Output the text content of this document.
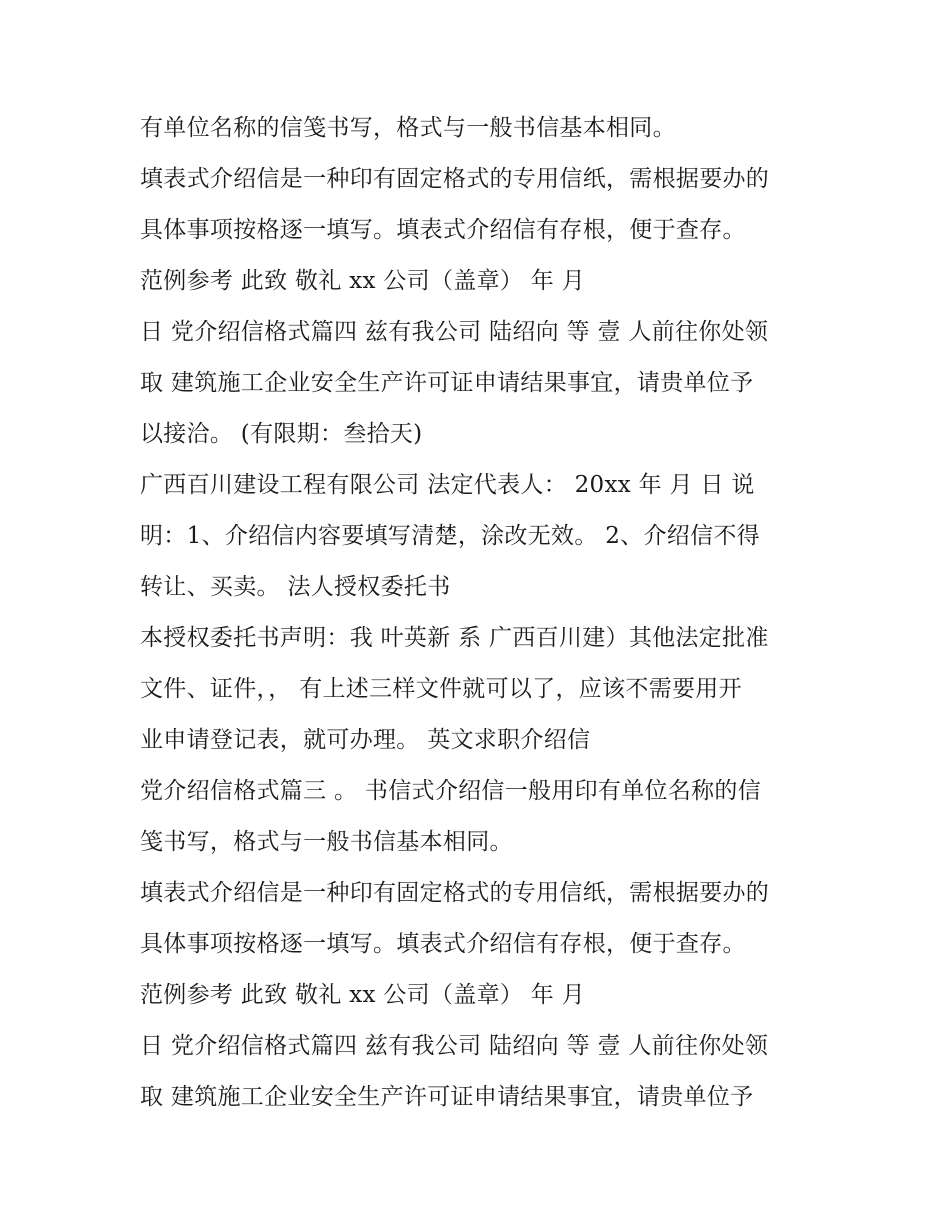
有单位名称的信笺书写，格式与一般书信基本相同。
填表式介绍信是一种印有固定格式的专用信纸，需根据要办的
具体事项按格逐一填写。填表式介绍信有存根，便于查存。
范例参考 此致 敬礼 xx 公司（盖章） 年 月
日 党介绍信格式篇四 兹有我公司 陆绍向 等 壹 人前往你处领
取 建筑施工企业安全生产许可证申请结果事宜，请贵单位予
以接洽。 (有限期：叁拾天)
广西百川建设工程有限公司 法定代表人： 20xx 年 月 日 说
明：1、介绍信内容要填写清楚，涂改无效。 2、介绍信不得
转让、买卖。 法人授权委托书
本授权委托书声明：我 叶英新 系 广西百川建）其他法定批准
文件、证件，， 有上述三样文件就可以了，应该不需要用开
业申请登记表，就可办理。 英文求职介绍信
党介绍信格式篇三 。 书信式介绍信一般用印有单位名称的信
笺书写，格式与一般书信基本相同。
填表式介绍信是一种印有固定格式的专用信纸，需根据要办的
具体事项按格逐一填写。填表式介绍信有存根，便于查存。
范例参考 此致 敬礼 xx 公司（盖章） 年 月
日 党介绍信格式篇四 兹有我公司 陆绍向 等 壹 人前往你处领
取 建筑施工企业安全生产许可证申请结果事宜，请贵单位予
